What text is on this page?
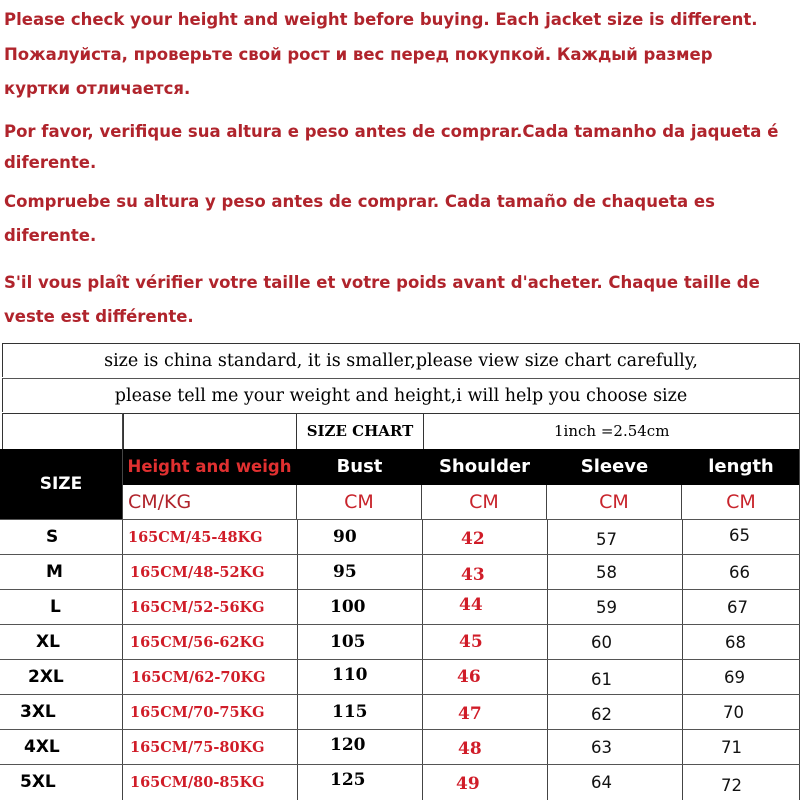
Please check your height and weight before buying. Each jacket size is different.

Пожалуйста, проверьте свой рост и вес перед покупкой. Каждый размер

куртки отличается.

Por favor, verifique sua altura e peso antes de comprar.Cada tamanho da jaqueta é

diferente.

Compruebe su altura y peso antes de comprar. Cada tamaño de chaqueta es

diferente.

S'il vous plaît vérifier votre taille et votre poids avant d'acheter. Chaque taille de

veste est différente.

size is china standard, it is smaller,please view size chart carefully,
please tell me your weight and height,i will help you choose size
SIZE CHART	1inch =2.54cm
Height and weigh	Bust	Shoulder	Sleeve	length
SIZE
CM/KG	CM	CM	CM	CM
S	165CM/45-48KG	90	42	57	65
M	165CM/48-52KG	95	43	58	66
L	165CM/52-56KG	100	44	59	67
XL	165CM/56-62KG	105	45	60	68
2XL	165CM/62-70KG	110	46	61	69
3XL	165CM/70-75KG	115	47	62	70
4XL	165CM/75-80KG	120	48	63	71
5XL	165CM/80-85KG	125	49	64	72
